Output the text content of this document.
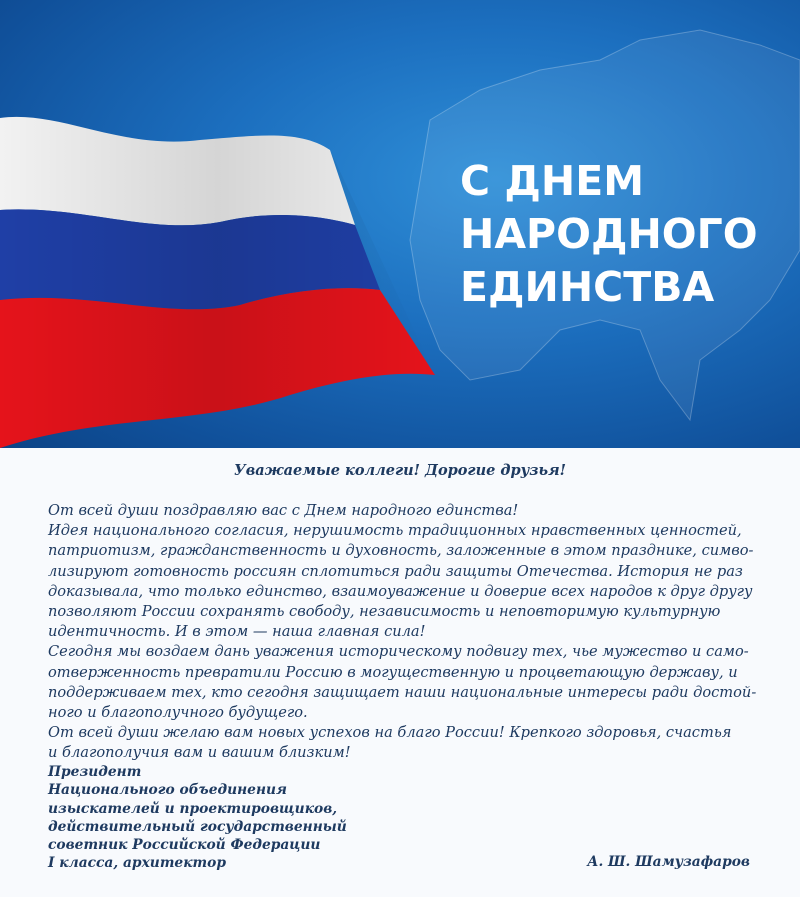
С ДНЕМ
НАРОДНОГО
ЕДИНСТВА
Уважаемые коллеги! Дорогие друзья!
От всей души поздравляю вас с Днем народного единства!
Идея национального согласия, нерушимость традиционных нравственных ценностей,
патриотизм, гражданственность и духовность, заложенные в этом празднике, симво-
лизируют готовность россиян сплотиться ради защиты Отечества. История не раз
доказывала, что только единство, взаимоуважение и доверие всех народов к друг другу
позволяют России сохранять свободу, независимость и неповторимую культурную
идентичность. И в этом — наша главная сила!
Сегодня мы воздаем дань уважения историческому подвигу тех, чье мужество и само-
отверженность превратили Россию в могущественную и процветающую державу, и
поддерживаем тех, кто сегодня защищает наши национальные интересы ради достой-
ного и благополучного будущего.
От всей души желаю вам новых успехов на благо России! Крепкого здоровья, счастья
и благополучия вам и вашим близким!
Президент
Национального объединения
изыскателей и проектировщиков,
действительный государственный
советник Российской Федерации
I класса, архитектор	А. Ш. Шамузафаров
